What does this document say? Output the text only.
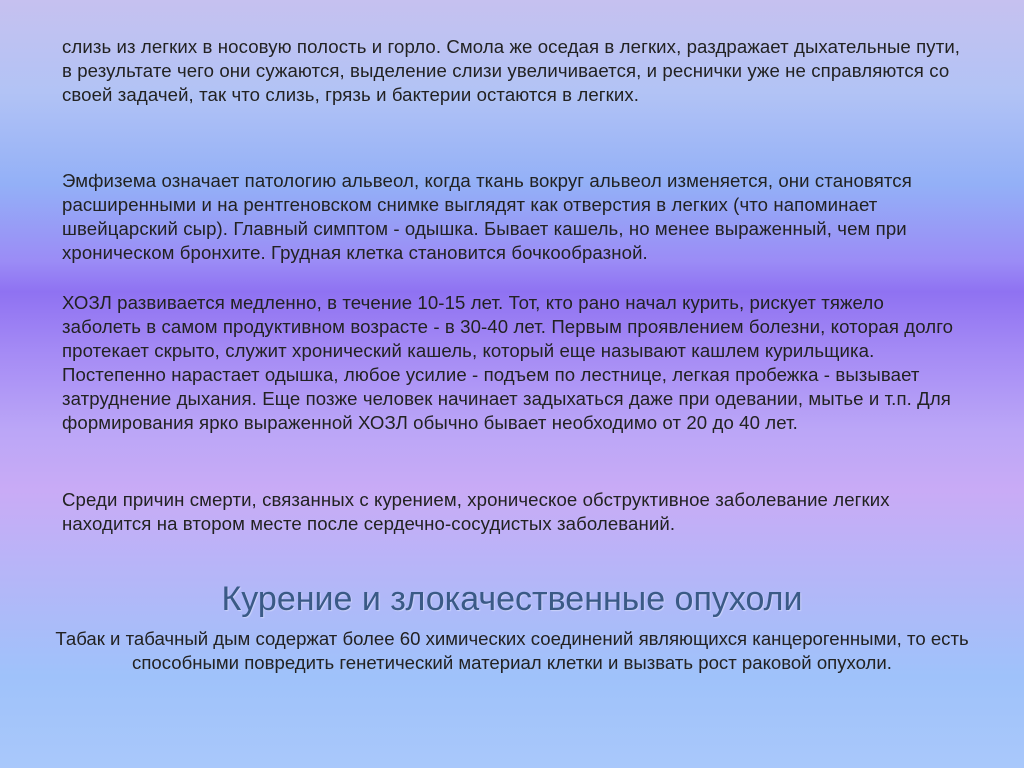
слизь из легких в носовую полость и горло. Смола же оседая в легких, раздражает дыхательные пути, в результате чего они сужаются, выделение слизи увеличивается, и реснички уже не справляются со своей задачей, так что слизь, грязь и бактерии остаются в легких.

Эмфизема означает патологию альвеол, когда ткань вокруг альвеол изменяется, они становятся расширенными и на рентгеновском снимке выглядят как отверстия в легких (что напоминает швейцарский сыр). Главный симптом - одышка. Бывает кашель, но менее выраженный, чем при хроническом бронхите. Грудная клетка становится бочкообразной.

ХОЗЛ развивается медленно, в течение 10-15 лет. Тот, кто рано начал курить, рискует тяжело заболеть в самом продуктивном возрасте - в 30-40 лет. Первым проявлением болезни, которая долго протекает скрыто, служит хронический кашель, который еще называют кашлем курильщика. Постепенно нарастает одышка, любое усилие - подъем по лестнице, легкая пробежка - вызывает затруднение дыхания. Еще позже человек начинает задыхаться даже при одевании, мытье и т.п. Для формирования ярко выраженной ХОЗЛ обычно бывает необходимо от 20 до 40 лет.

Среди причин смерти, связанных с курением, хроническое обструктивное заболевание легких находится на втором месте после сердечно-сосудистых заболеваний.

Курение и злокачественные опухоли

Табак и табачный дым содержат более 60 химических соединений являющихся канцерогенными, то есть способными повредить генетический материал клетки и вызвать рост раковой опухоли.
